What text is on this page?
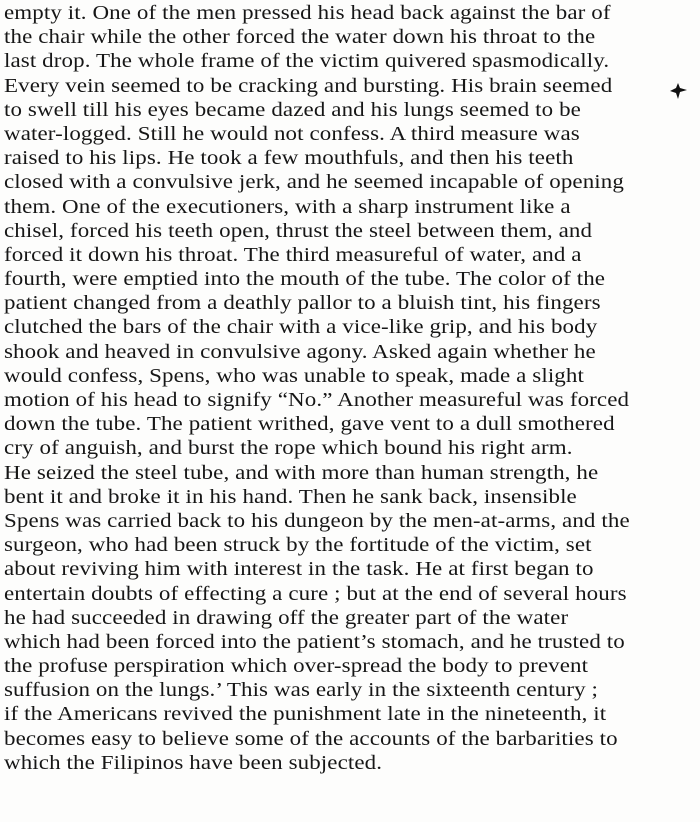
empty it. One of the men pressed his head back against the bar of
the chair while the other forced the water down his throat to the
last drop. The whole frame of the victim quivered spasmodically.
Every vein seemed to be cracking and bursting. His brain seemed
to swell till his eyes became dazed and his lungs seemed to be
water-logged. Still he would not confess. A third measure was
raised to his lips. He took a few mouthfuls, and then his teeth
closed with a convulsive jerk, and he seemed incapable of opening
them. One of the executioners, with a sharp instrument like a
chisel, forced his teeth open, thrust the steel between them, and
forced it down his throat. The third measureful of water, and a
fourth, were emptied into the mouth of the tube. The color of the
patient changed from a deathly pallor to a bluish tint, his fingers
clutched the bars of the chair with a vice-like grip, and his body
shook and heaved in convulsive agony. Asked again whether he
would confess, Spens, who was unable to speak, made a slight
motion of his head to signify “No.” Another measureful was forced
down the tube. The patient writhed, gave vent to a dull smothered
cry of anguish, and burst the rope which bound his right arm.
He seized the steel tube, and with more than human strength, he
bent it and broke it in his hand. Then he sank back, insensible
Spens was carried back to his dungeon by the men-at-arms, and the
surgeon, who had been struck by the fortitude of the victim, set
about reviving him with interest in the task. He at first began to
entertain doubts of effecting a cure ; but at the end of several hours
he had succeeded in drawing off the greater part of the water
which had been forced into the patient’s stomach, and he trusted to
the profuse perspiration which over-spread the body to prevent
suffusion on the lungs.’ This was early in the sixteenth century ;
if the Americans revived the punishment late in the nineteenth, it
becomes easy to believe some of the accounts of the barbarities to
which the Filipinos have been subjected.
